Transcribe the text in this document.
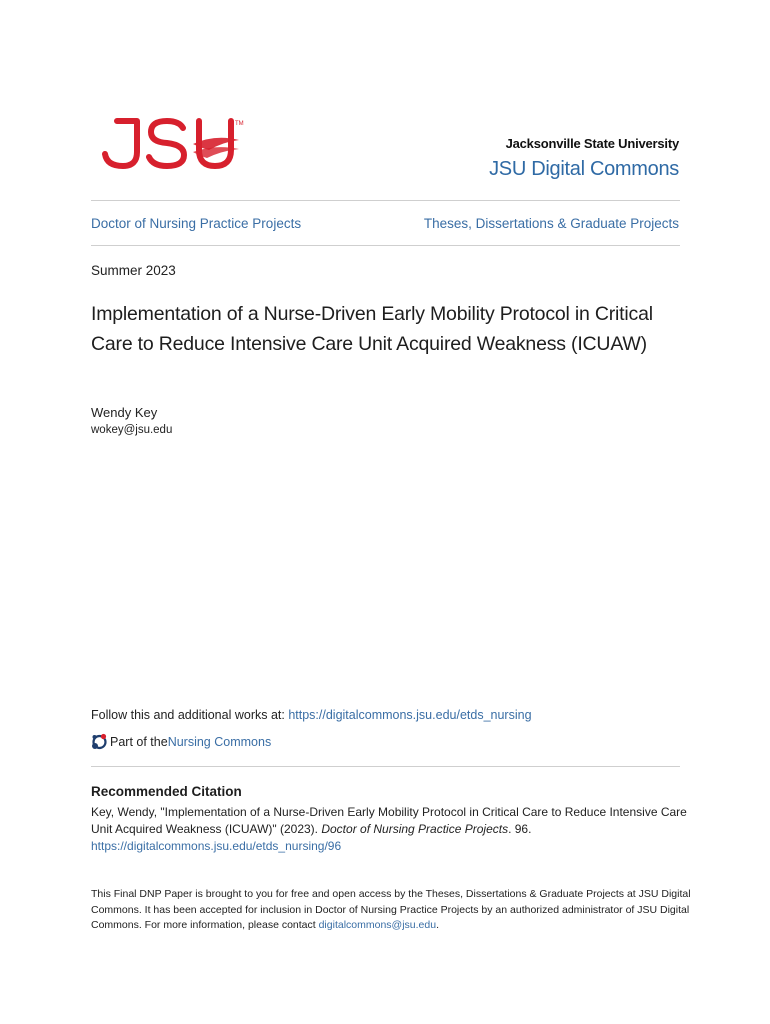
TM
Jacksonville State University
JSU Digital Commons
Doctor of Nursing Practice Projects	Theses, Dissertations & Graduate Projects
Summer 2023
Implementation of a Nurse-Driven Early Mobility Protocol in Critical Care to Reduce Intensive Care Unit Acquired Weakness (ICUAW)
Wendy Key
wokey@jsu.edu
Follow this and additional works at: https://digitalcommons.jsu.edu/etds_nursing
Part of the Nursing Commons
Recommended Citation
Key, Wendy, "Implementation of a Nurse-Driven Early Mobility Protocol in Critical Care to Reduce Intensive Care Unit Acquired Weakness (ICUAW)" (2023). Doctor of Nursing Practice Projects. 96.
https://digitalcommons.jsu.edu/etds_nursing/96
This Final DNP Paper is brought to you for free and open access by the Theses, Dissertations & Graduate Projects at JSU Digital Commons. It has been accepted for inclusion in Doctor of Nursing Practice Projects by an authorized administrator of JSU Digital Commons. For more information, please contact digitalcommons@jsu.edu.
